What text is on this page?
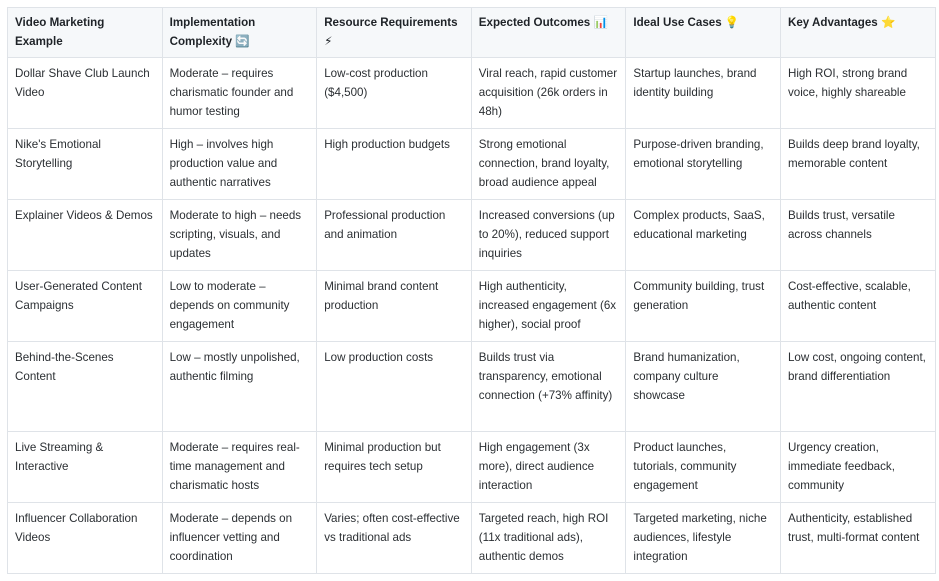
Video Marketing Example	Implementation Complexity 🔄	Resource Requirements ⚡	Expected Outcomes 📊	Ideal Use Cases 💡	Key Advantages ⭐
Dollar Shave Club Launch Video	Moderate – requires charismatic founder and humor testing	Low-cost production ($4,500)	Viral reach, rapid customer acquisition (26k orders in 48h)	Startup launches, brand identity building	High ROI, strong brand voice, highly shareable
Nike's Emotional Storytelling	High – involves high production value and authentic narratives	High production budgets	Strong emotional connection, brand loyalty, broad audience appeal	Purpose-driven branding, emotional storytelling	Builds deep brand loyalty, memorable content
Explainer Videos & Demos	Moderate to high – needs scripting, visuals, and updates	Professional production and animation	Increased conversions (up to 20%), reduced support inquiries	Complex products, SaaS, educational marketing	Builds trust, versatile across channels
User-Generated Content Campaigns	Low to moderate – depends on community engagement	Minimal brand content production	High authenticity, increased engagement (6x higher), social proof	Community building, trust generation	Cost-effective, scalable, authentic content
Behind-the-Scenes Content	Low – mostly unpolished, authentic filming	Low production costs	Builds trust via transparency, emotional connection (+73% affinity)	Brand humanization, company culture showcase	Low cost, ongoing content, brand differentiation
Live Streaming & Interactive	Moderate – requires real-time management and charismatic hosts	Minimal production but requires tech setup	High engagement (3x more), direct audience interaction	Product launches, tutorials, community engagement	Urgency creation, immediate feedback, community
Influencer Collaboration Videos	Moderate – depends on influencer vetting and coordination	Varies; often cost-effective vs traditional ads	Targeted reach, high ROI (11x traditional ads), authentic demos	Targeted marketing, niche audiences, lifestyle integration	Authenticity, established trust, multi-format content
